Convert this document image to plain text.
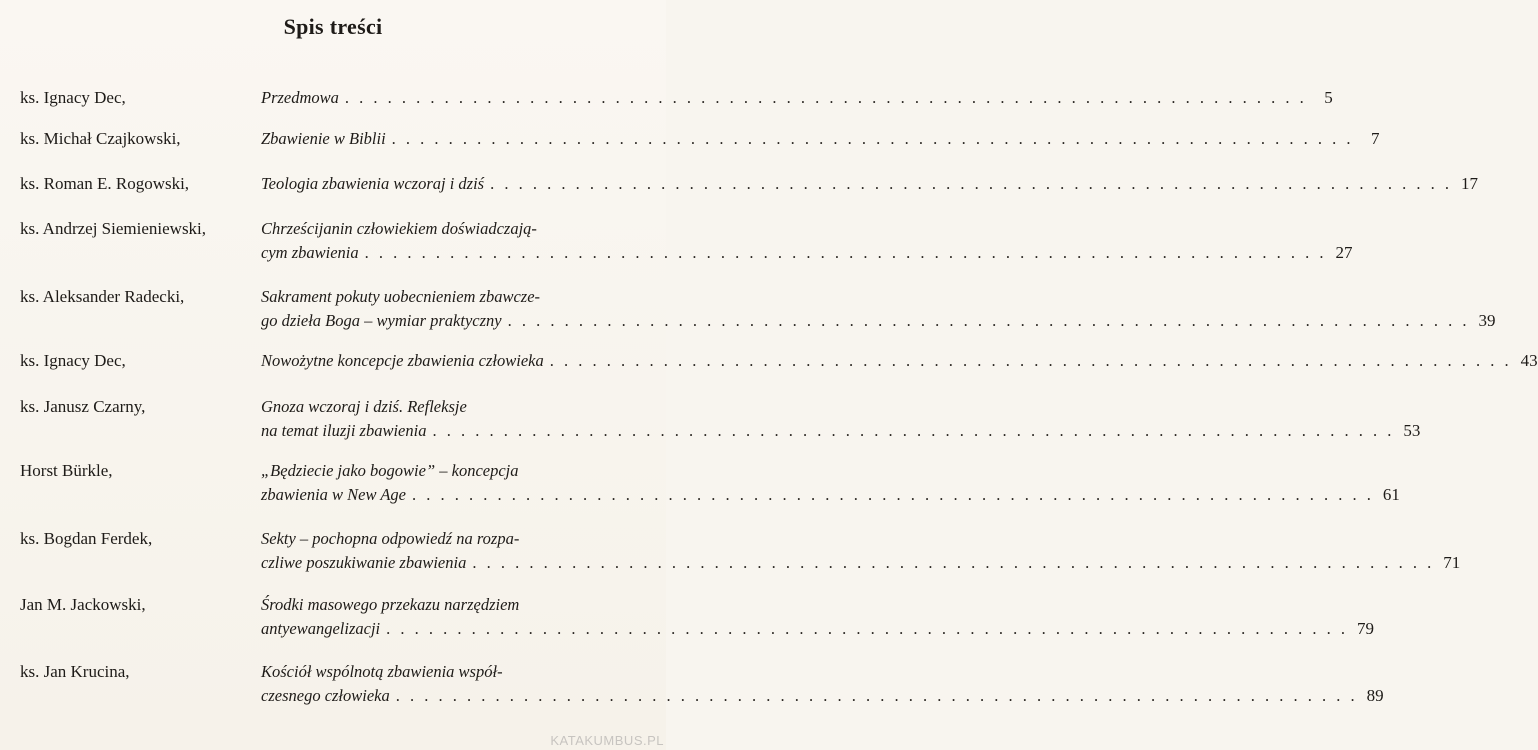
Spis treści
ks. Ignacy Dec,	Przedmowa . . .	5
ks. Michał Czajkowski,	Zbawienie w Biblii . . .	7
ks. Roman E. Rogowski,	Teologia zbawienia wczoraj i dziś . . .	17
ks. Andrzej Siemieniewski,	Chrześcijanin człowiekiem doświadczają-
cym zbawienia . . .	27
ks. Aleksander Radecki,	Sakrament pokuty uobecnieniem zbawcze-
go dzieła Boga – wymiar praktyczny . . .	39
ks. Ignacy Dec,	Nowożytne koncepcje zbawienia człowieka . . .	43
ks. Janusz Czarny,	Gnoza wczoraj i dziś. Refleksje
na temat iluzji zbawienia . . .	53
Horst Bürkle,	„Będziecie jako bogowie” – koncepcja
zbawienia w New Age . . .	61
ks. Bogdan Ferdek,	Sekty – pochopna odpowiedź na rozpa-
czliwe poszukiwanie zbawienia . . .	71
Jan M. Jackowski,	Środki masowego przekazu narzędziem
antyewangelizacji . . .	79
ks. Jan Krucina,	Kościół wspólnotą zbawienia współ-
czesnego człowieka . . .	89
KATAKUMBUS.PL
